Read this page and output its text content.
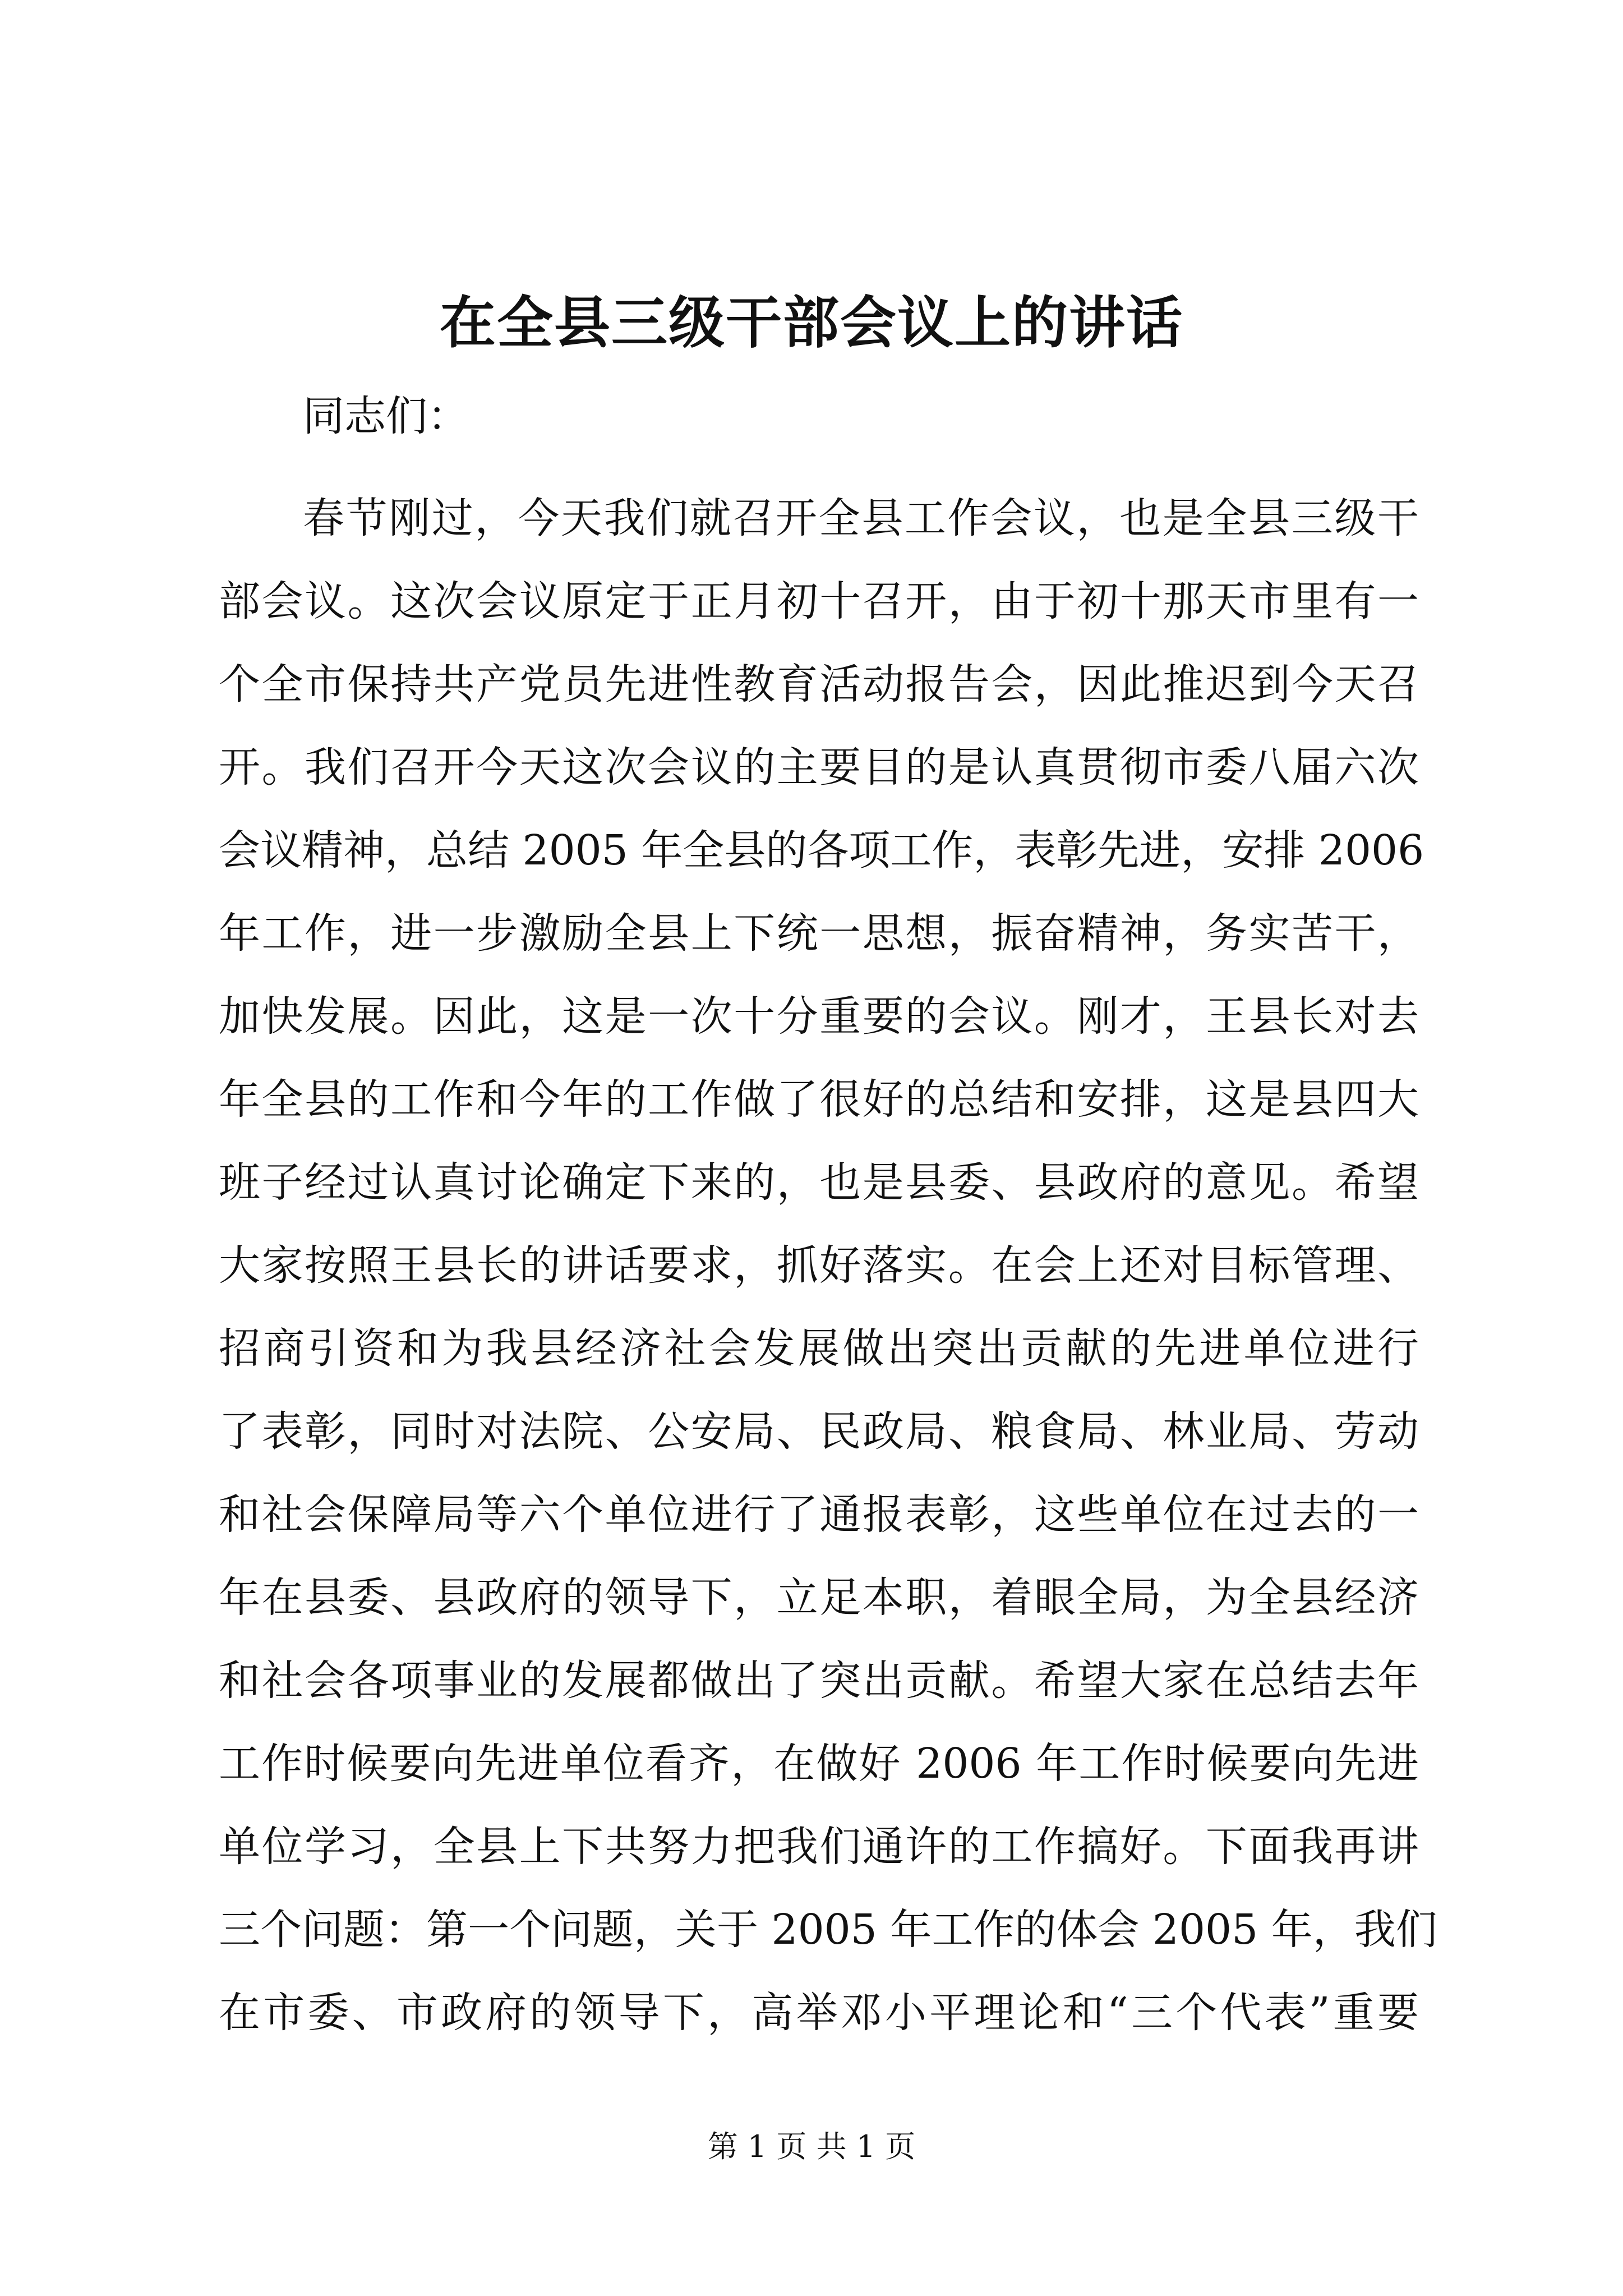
在全县三级干部会议上的讲话

同志们：

春节刚过，今天我们就召开全县工作会议，也是全县三级干
部会议。这次会议原定于正月初十召开，由于初十那天市里有一
个全市保持共产党员先进性教育活动报告会，因此推迟到今天召
开。我们召开今天这次会议的主要目的是认真贯彻市委八届六次
会议精神，总结 2005 年全县的各项工作，表彰先进，安排 2006
年工作，进一步激励全县上下统一思想，振奋精神，务实苦干，
加快发展。因此，这是一次十分重要的会议。刚才，王县长对去
年全县的工作和今年的工作做了很好的总结和安排，这是县四大
班子经过认真讨论确定下来的，也是县委、县政府的意见。希望
大家按照王县长的讲话要求，抓好落实。在会上还对目标管理、
招商引资和为我县经济社会发展做出突出贡献的先进单位进行
了表彰，同时对法院、公安局、民政局、粮食局、林业局、劳动
和社会保障局等六个单位进行了通报表彰，这些单位在过去的一
年在县委、县政府的领导下，立足本职，着眼全局，为全县经济
和社会各项事业的发展都做出了突出贡献。希望大家在总结去年
工作时候要向先进单位看齐，在做好 2006 年工作时候要向先进
单位学习，全县上下共努力把我们通许的工作搞好。下面我再讲
三个问题：第一个问题，关于 2005 年工作的体会 2005 年，我们
在市委、市政府的领导下，高举邓小平理论和“三个代表”重要

第 1 页 共 1 页
